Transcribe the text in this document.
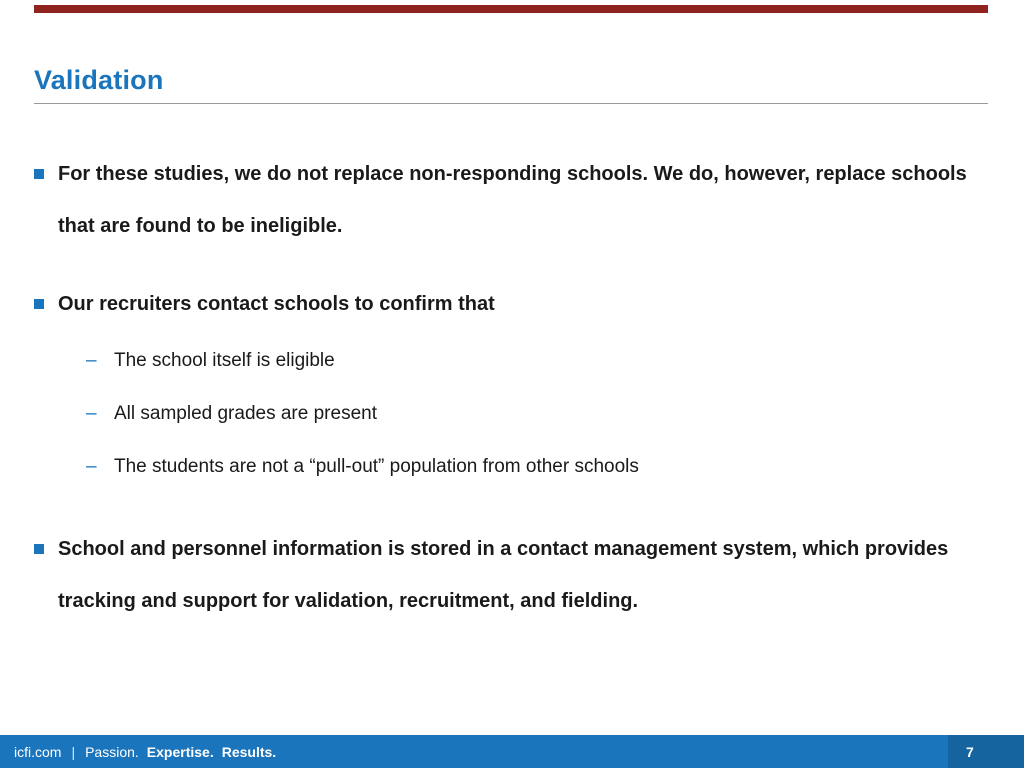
Validation
For these studies, we do not replace non-responding schools. We do, however, replace schools that are found to be ineligible.
Our recruiters contact schools to confirm that
– The school itself is eligible
– All sampled grades are present
– The students are not a “pull-out” population from other schools
School and personnel information is stored in a contact management system, which provides tracking and support for validation, recruitment, and fielding.
icfi.com | Passion. Expertise. Results.	7
